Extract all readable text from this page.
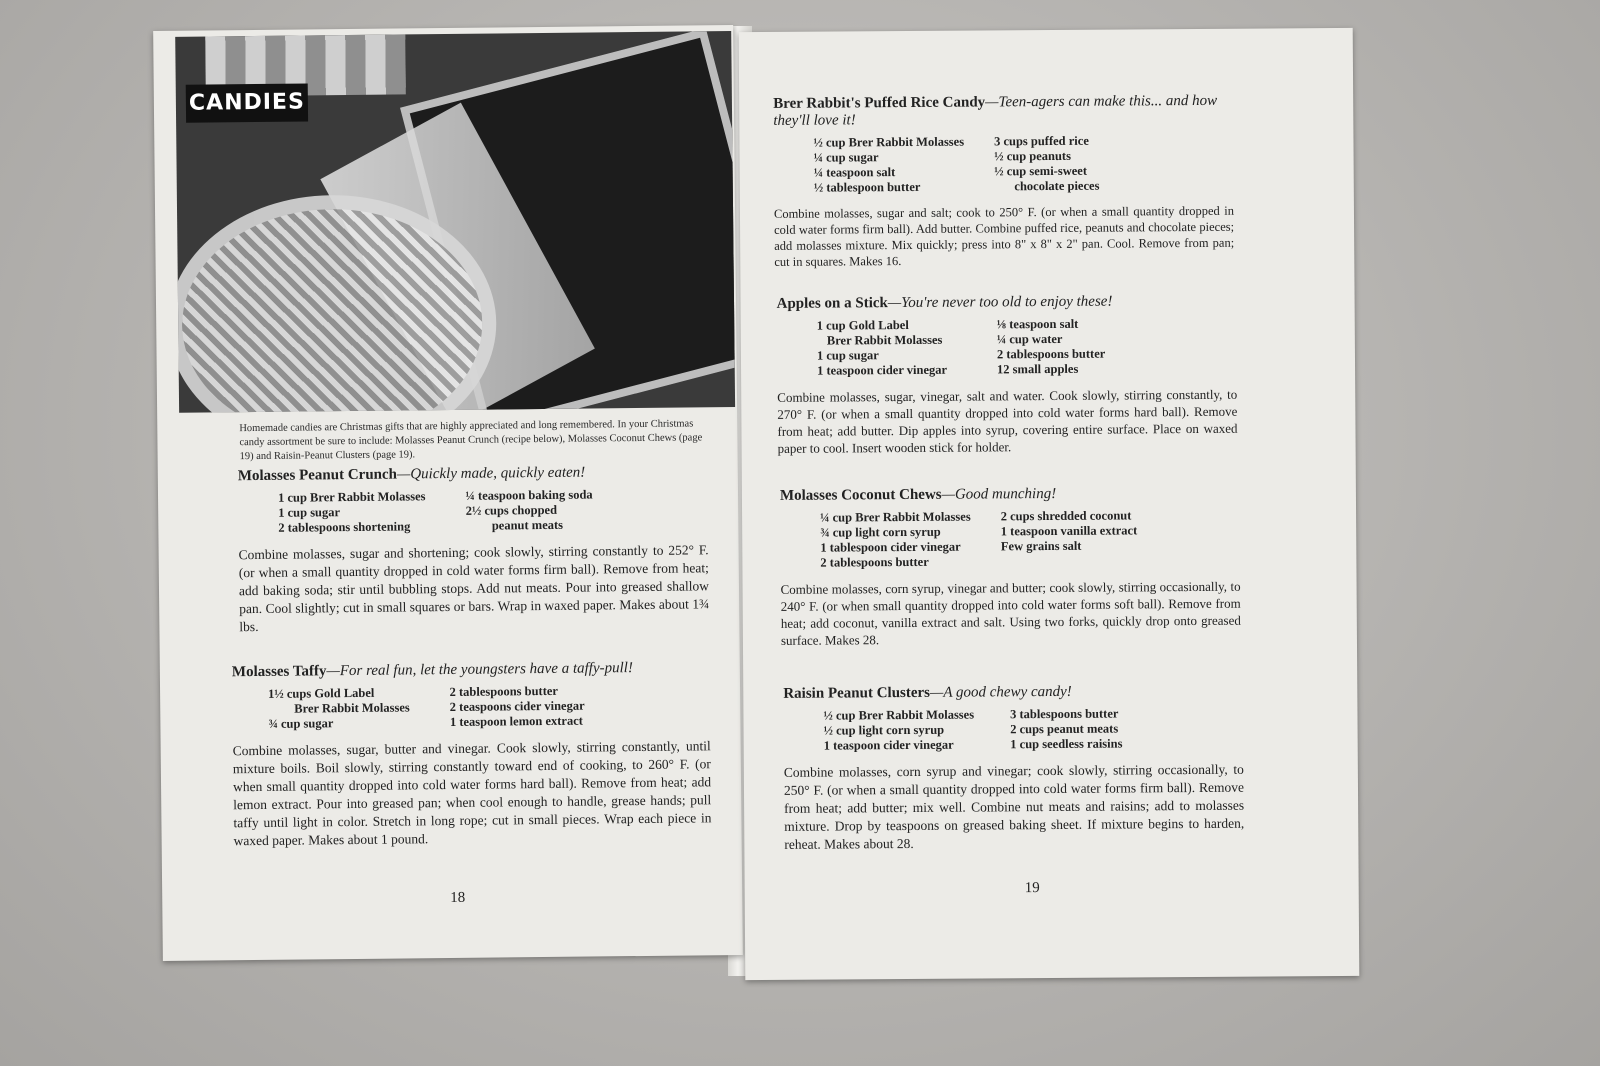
CANDIES
Homemade candies are Christmas gifts that are highly appreciated and long remembered. In your Christmas candy assortment be sure to include: Molasses Peanut Crunch (recipe below), Molasses Coconut Chews (page 19) and Raisin-Peanut Clusters (page 19).
Molasses Peanut Crunch—Quickly made, quickly eaten!
1 cup Brer Rabbit Molasses
1 cup sugar
2 tablespoons shortening
¼ teaspoon baking soda
2½ cups chopped
peanut meats
Combine molasses, sugar and shortening; cook slowly, stirring constantly to 252° F. (or when a small quantity dropped in cold water forms firm ball). Remove from heat; add baking soda; stir until bubbling stops. Add nut meats. Pour into greased shallow pan. Cool slightly; cut in small squares or bars. Wrap in waxed paper. Makes about 1¾ lbs.
Molasses Taffy—For real fun, let the youngsters have a taffy-pull!
1½ cups Gold Label
Brer Rabbit Molasses
¾ cup sugar
2 tablespoons butter
2 teaspoons cider vinegar
1 teaspoon lemon extract
Combine molasses, sugar, butter and vinegar. Cook slowly, stirring constantly, until mixture boils. Boil slowly, stirring constantly toward end of cooking, to 260° F. (or when small quantity dropped into cold water forms hard ball). Remove from heat; add lemon extract. Pour into greased pan; when cool enough to handle, grease hands; pull taffy until light in color. Stretch in long rope; cut in small pieces. Wrap each piece in waxed paper. Makes about 1 pound.
18
Brer Rabbit's Puffed Rice Candy—Teen-agers can make this... and how they'll love it!
½ cup Brer Rabbit Molasses
¼ cup sugar
¼ teaspoon salt
½ tablespoon butter
3 cups puffed rice
½ cup peanuts
½ cup semi-sweet
chocolate pieces
Combine molasses, sugar and salt; cook to 250° F. (or when a small quantity dropped in cold water forms firm ball). Add butter. Combine puffed rice, peanuts and chocolate pieces; add molasses mixture. Mix quickly; press into 8" x 8" x 2" pan. Cool. Remove from pan; cut in squares. Makes 16.
Apples on a Stick—You're never too old to enjoy these!
1 cup Gold Label
Brer Rabbit Molasses
1 cup sugar
1 teaspoon cider vinegar
⅛ teaspoon salt
¼ cup water
2 tablespoons butter
12 small apples
Combine molasses, sugar, vinegar, salt and water. Cook slowly, stirring constantly, to 270° F. (or when a small quantity dropped into cold water forms hard ball). Remove from heat; add butter. Dip apples into syrup, covering entire surface. Place on waxed paper to cool. Insert wooden stick for holder.
Molasses Coconut Chews—Good munching!
¼ cup Brer Rabbit Molasses
¾ cup light corn syrup
1 tablespoon cider vinegar
2 tablespoons butter
2 cups shredded coconut
1 teaspoon vanilla extract
Few grains salt
Combine molasses, corn syrup, vinegar and butter; cook slowly, stirring occasionally, to 240° F. (or when small quantity dropped into cold water forms soft ball). Remove from heat; add coconut, vanilla extract and salt. Using two forks, quickly drop onto greased surface. Makes 28.
Raisin Peanut Clusters—A good chewy candy!
½ cup Brer Rabbit Molasses
½ cup light corn syrup
1 teaspoon cider vinegar
3 tablespoons butter
2 cups peanut meats
1 cup seedless raisins
Combine molasses, corn syrup and vinegar; cook slowly, stirring occasionally, to 250° F. (or when a small quantity dropped into cold water forms firm ball). Remove from heat; add butter; mix well. Combine nut meats and raisins; add to molasses mixture. Drop by teaspoons on greased baking sheet. If mixture begins to harden, reheat. Makes about 28.
19
